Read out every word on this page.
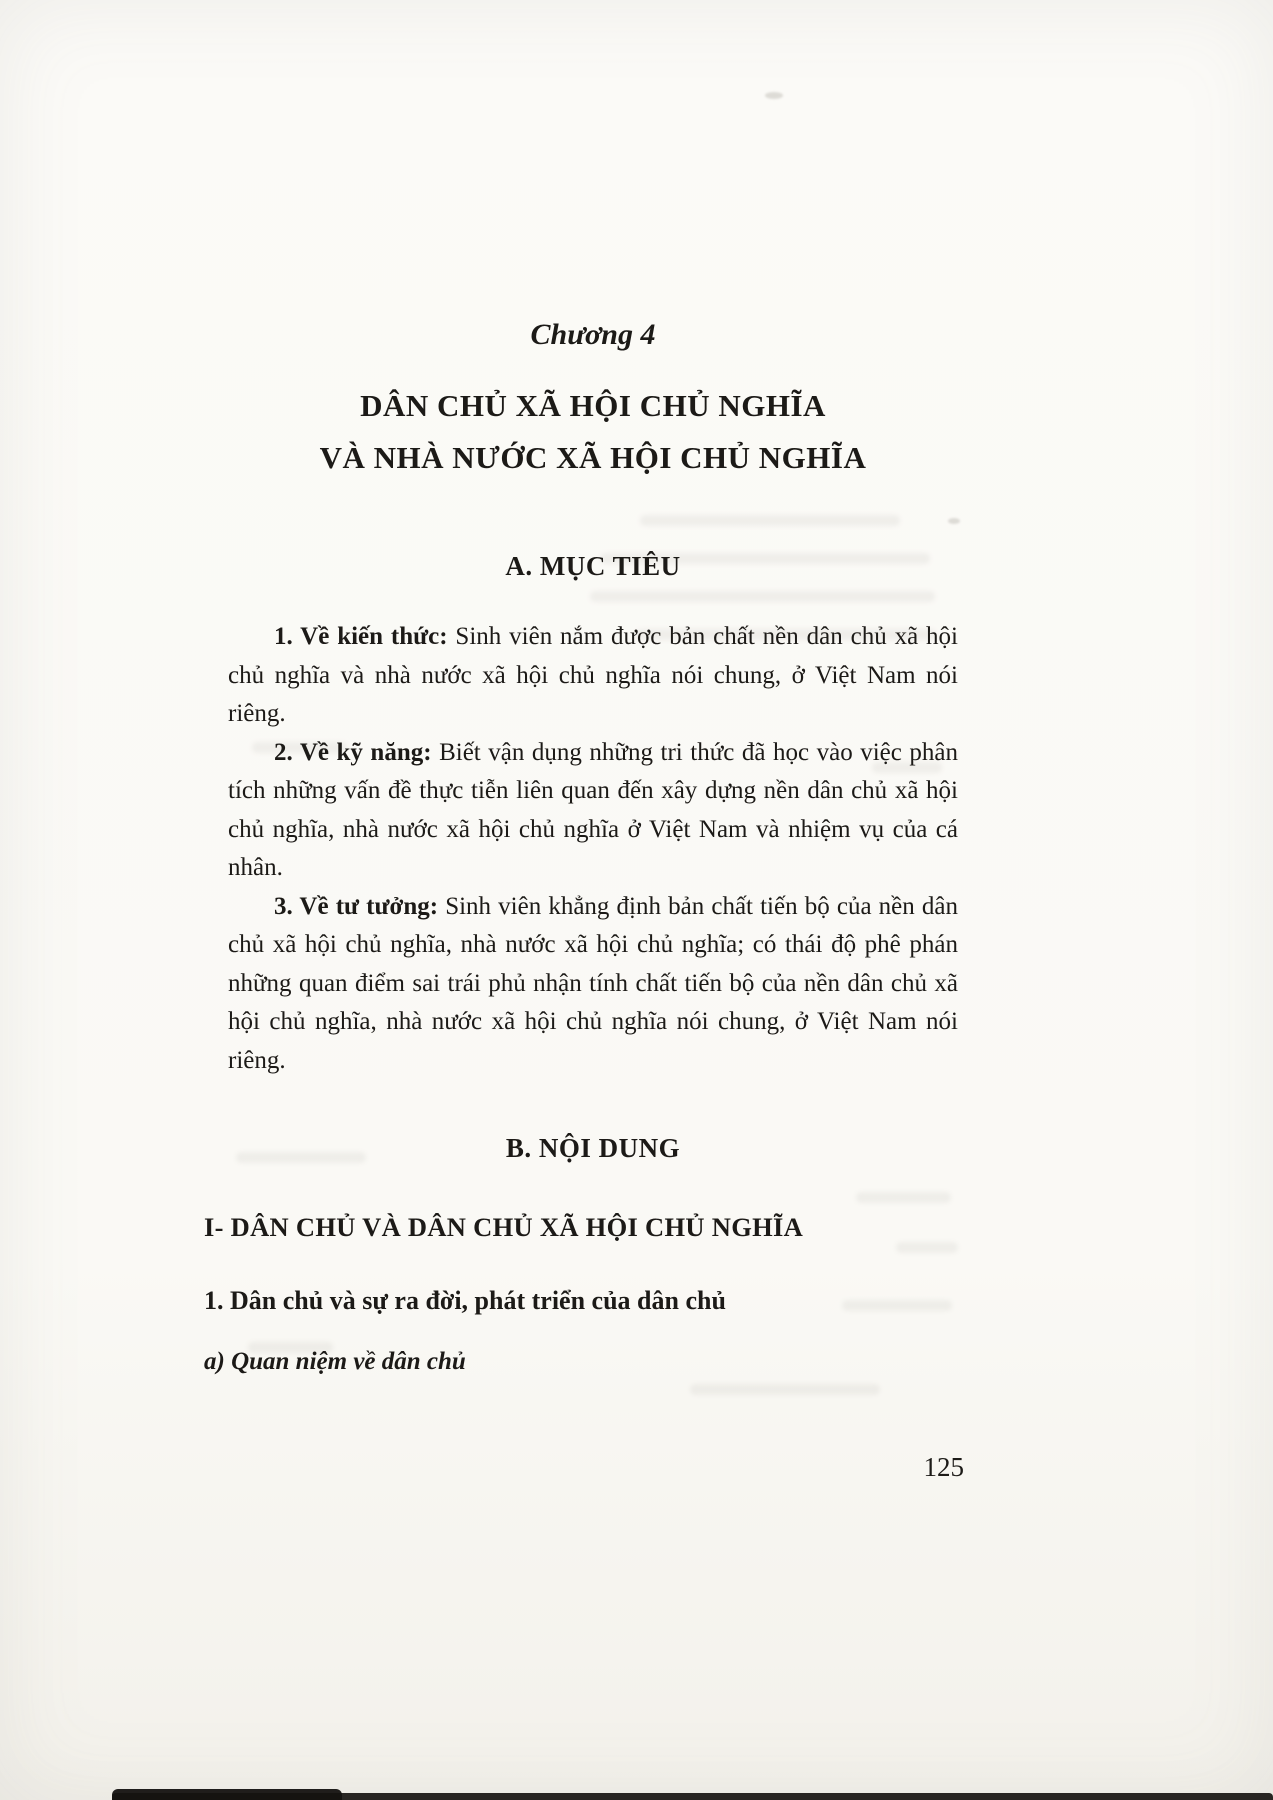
Chương 4
DÂN CHỦ XÃ HỘI CHỦ NGHĨA
VÀ NHÀ NƯỚC XÃ HỘI CHỦ NGHĨA
A. MỤC TIÊU

1. Về kiến thức: Sinh viên nắm được bản chất nền dân chủ xã hội chủ nghĩa và nhà nước xã hội chủ nghĩa nói chung, ở Việt Nam nói riêng.

2. Về kỹ năng: Biết vận dụng những tri thức đã học vào việc phân tích những vấn đề thực tiễn liên quan đến xây dựng nền dân chủ xã hội chủ nghĩa, nhà nước xã hội chủ nghĩa ở Việt Nam và nhiệm vụ của cá nhân.

3. Về tư tưởng: Sinh viên khẳng định bản chất tiến bộ của nền dân chủ xã hội chủ nghĩa, nhà nước xã hội chủ nghĩa; có thái độ phê phán những quan điểm sai trái phủ nhận tính chất tiến bộ của nền dân chủ xã hội chủ nghĩa, nhà nước xã hội chủ nghĩa nói chung, ở Việt Nam nói riêng.

B. NỘI DUNG
I- DÂN CHỦ VÀ DÂN CHỦ XÃ HỘI CHỦ NGHĨA
1. Dân chủ và sự ra đời, phát triển của dân chủ
a) Quan niệm về dân chủ
125
